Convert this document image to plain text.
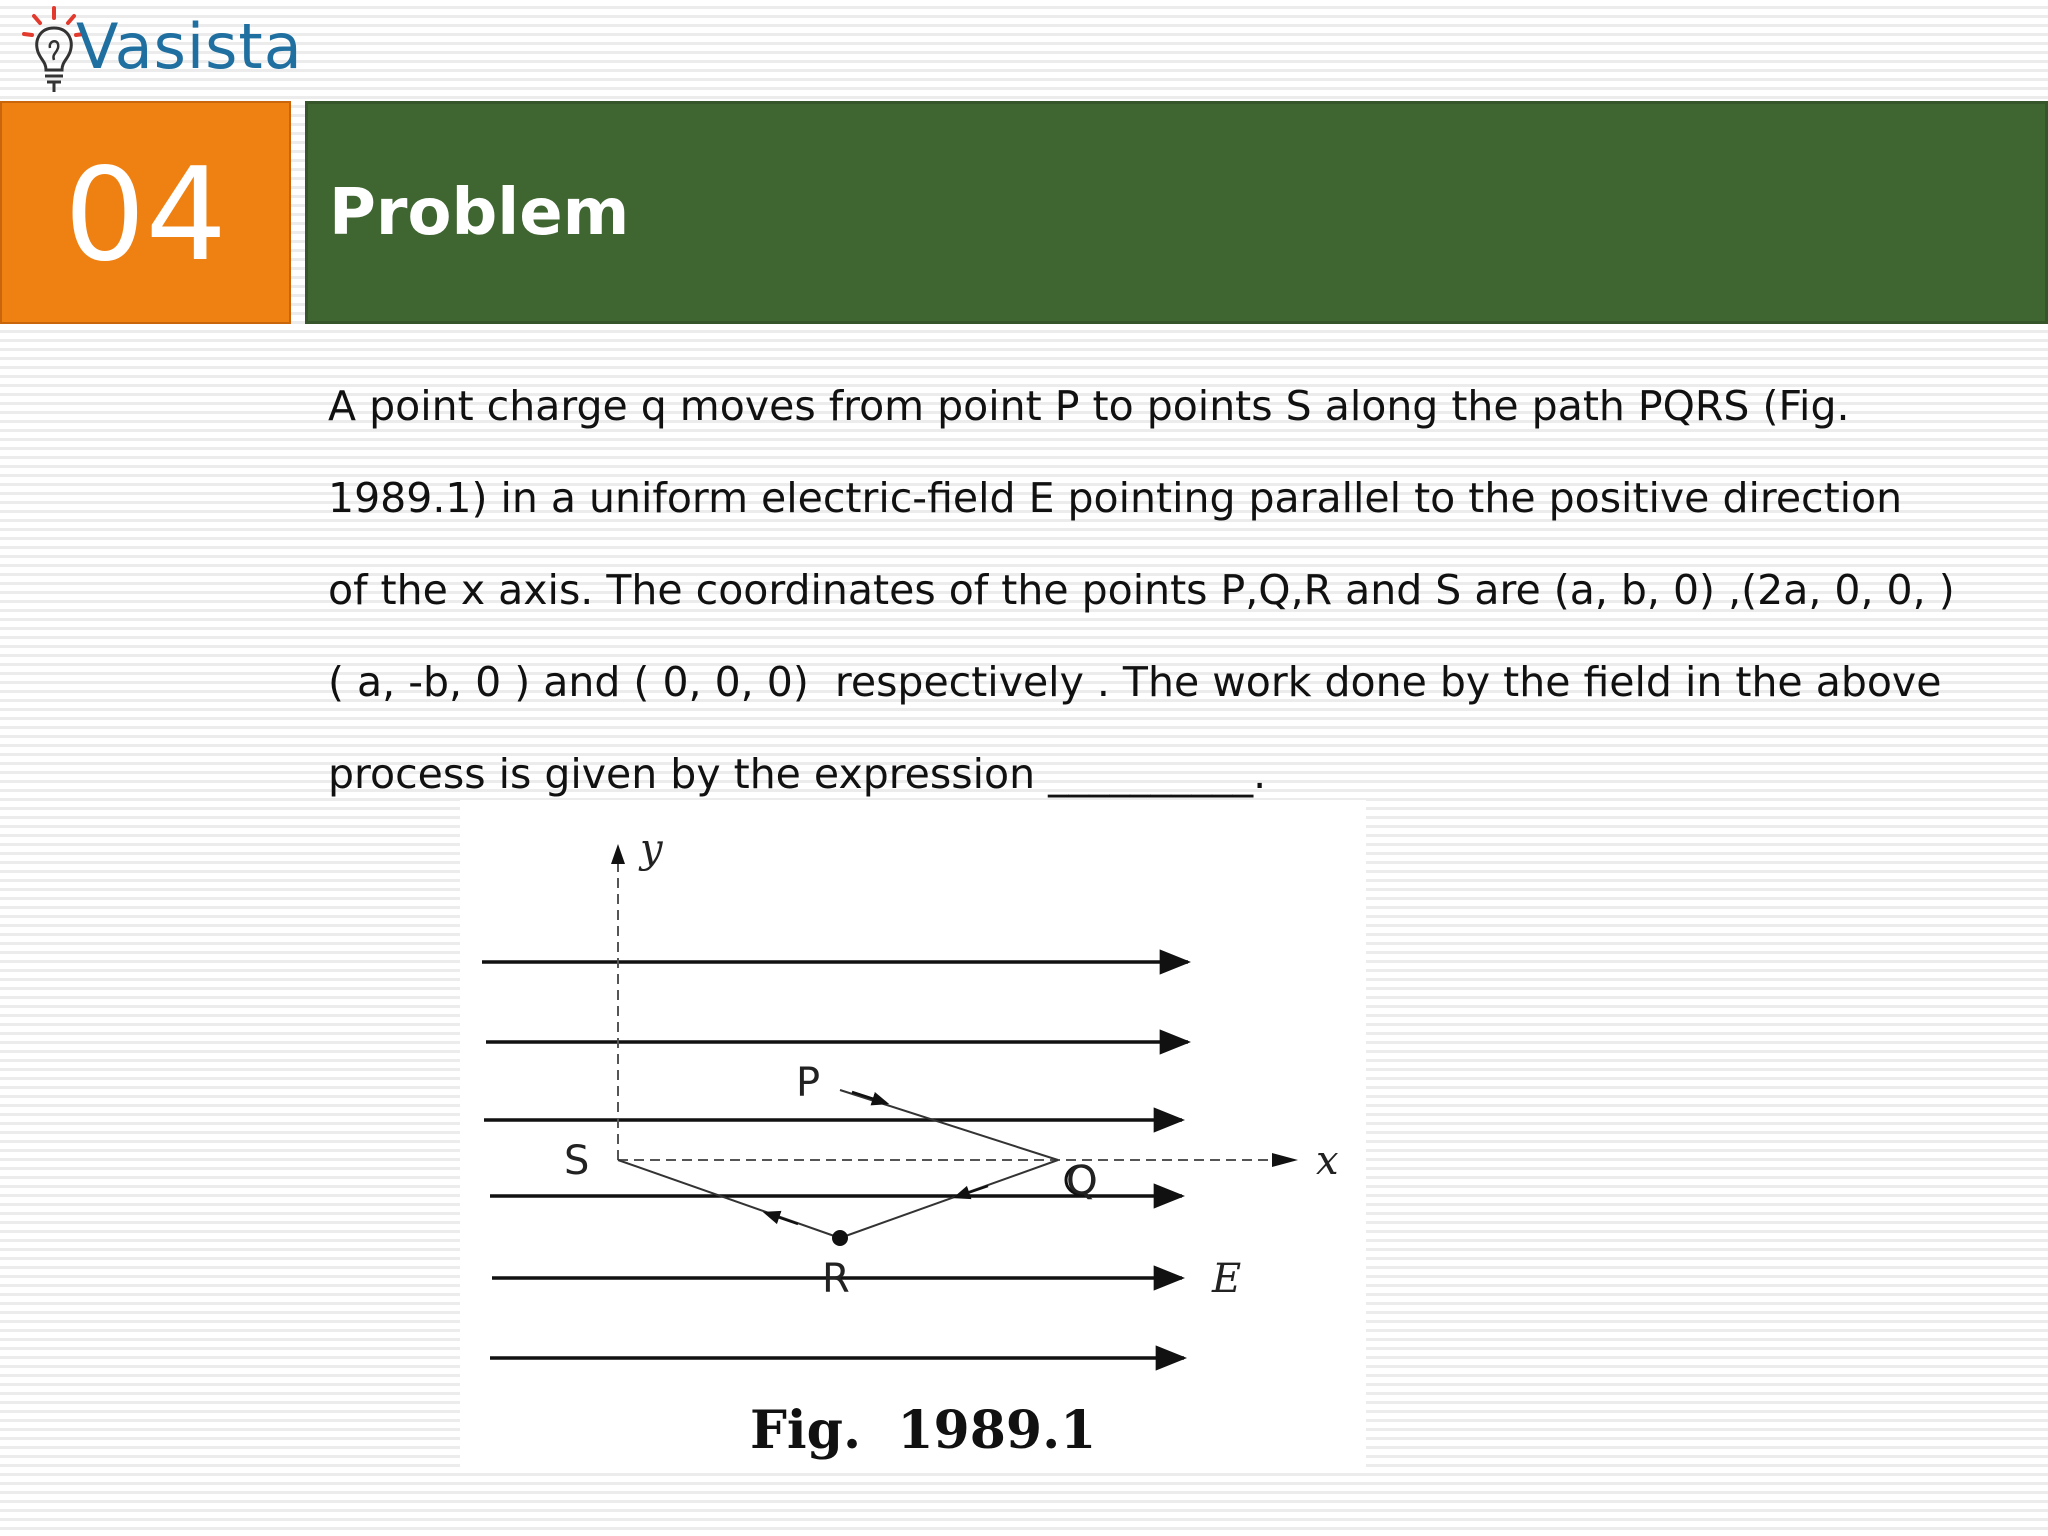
Vasista
04 Problem

A point charge q moves from point P to points S along the path PQRS (Fig.
1989.1) in a uniform electric-field E pointing parallel to the positive direction
of the x axis. The coordinates of the points P,Q,R and S are (a, b, 0) ,(2a, 0, 0, )
( a, -b, 0 ) and ( 0, 0, 0)  respectively . The work done by the field in the above
process is given by the expression __________.

y
x
P
Q
R
S
E
Fig.  1989.1
